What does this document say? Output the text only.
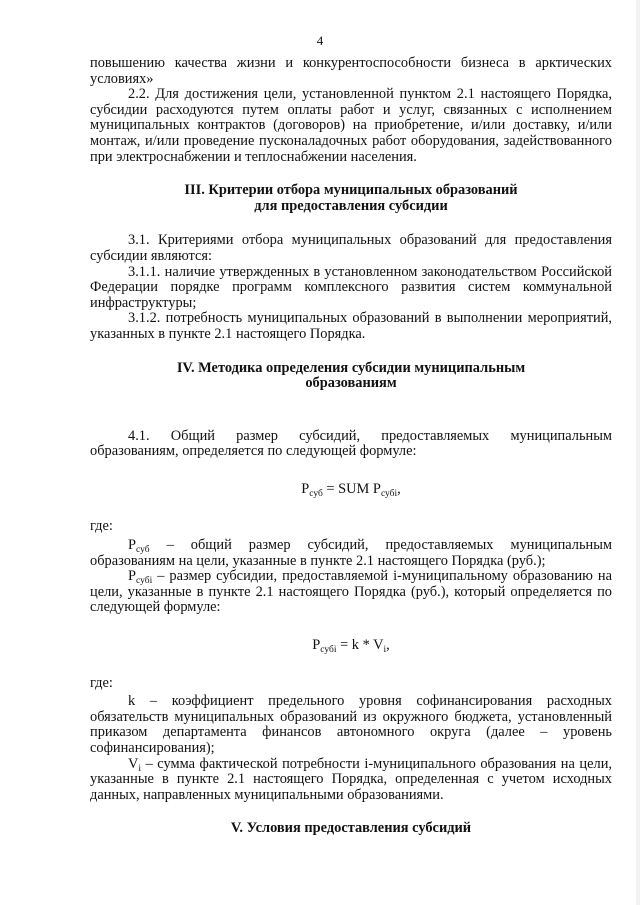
4

повышению качества жизни и конкурентоспособности бизнеса в арктических условиях»

2.2. Для достижения цели, установленной пунктом 2.1 настоящего Порядка, субсидии расходуются путем оплаты работ и услуг, связанных с исполнением муниципальных контрактов (договоров) на приобретение, и/или доставку, и/или монтаж, и/или проведение пусконаладочных работ оборудования, задействованного при электроснабжении и теплоснабжении населения.

III. Критерии отбора муниципальных образований
для предоставления субсидии

3.1. Критериями отбора муниципальных образований для предоставления субсидии являются:

3.1.1. наличие утвержденных в установленном законодательством Российской Федерации порядке программ комплексного развития систем коммунальной инфраструктуры;

3.1.2. потребность муниципальных образований в выполнении мероприятий, указанных в пункте 2.1 настоящего Порядка.

IV. Методика определения субсидии муниципальным
образованиям

4.1. Общий размер субсидий, предоставляемых муниципальным образованиям, определяется по следующей формуле:

$P_{суб}$ = SUM $P_{субi}$,

где:

$P_{суб}$ – общий размер субсидий, предоставляемых муниципальным образованиям на цели, указанные в пункте 2.1 настоящего Порядка (руб.);

$P_{субi}$ – размер субсидии, предоставляемой i-муниципальному образованию на цели, указанные в пункте 2.1 настоящего Порядка (руб.), который определяется по следующей формуле:

$P_{субi} = k * V_i$,

где:

k – коэффициент предельного уровня софинансирования расходных обязательств муниципальных образований из окружного бюджета, установленный приказом департамента финансов автономного округа (далее – уровень софинансирования);

$V_i$ – сумма фактической потребности i-муниципального образования на цели, указанные в пункте 2.1 настоящего Порядка, определенная с учетом исходных данных, направленных муниципальными образованиями.

V. Условия предоставления субсидий
